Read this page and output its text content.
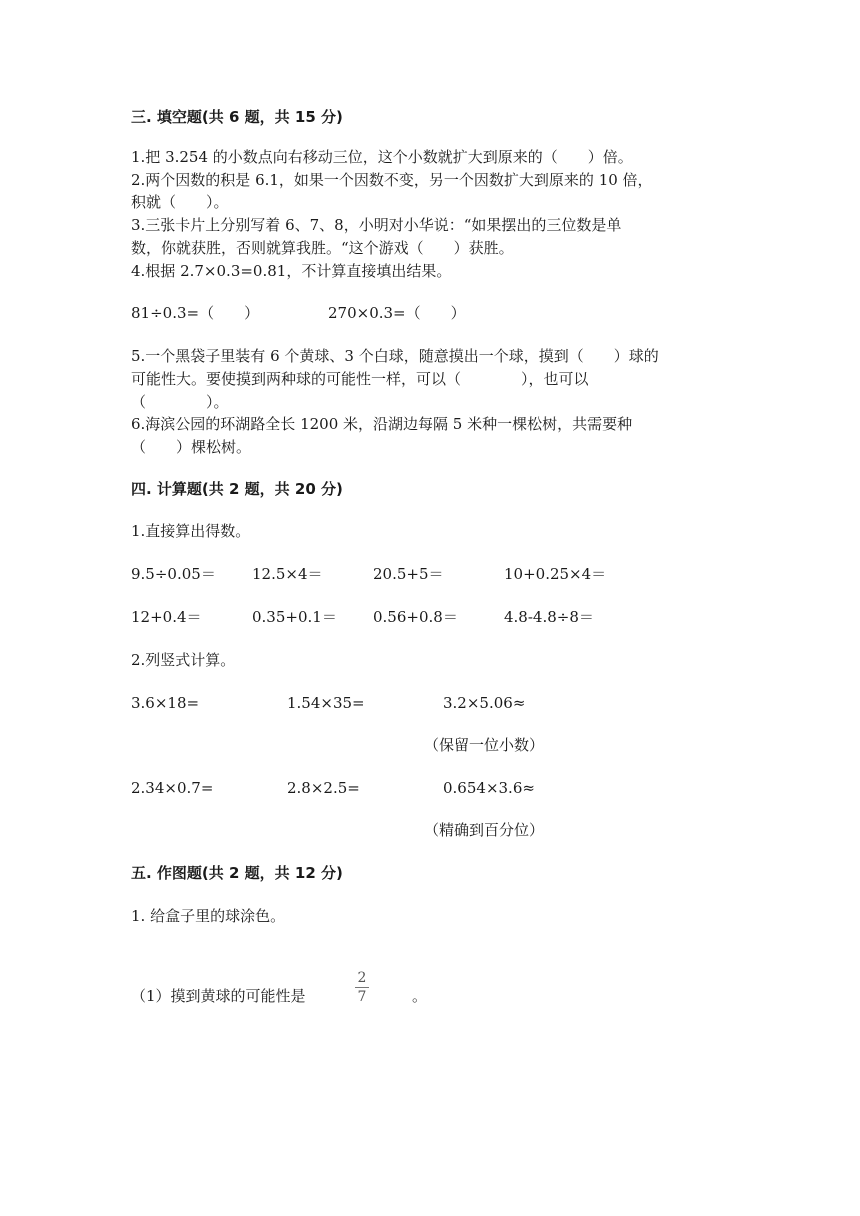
三. 填空题(共 6 题，共 15 分)
1.把 3.254 的小数点向右移动三位，这个小数就扩大到原来的（　　）倍。
2.两个因数的积是 6.1，如果一个因数不变，另一个因数扩大到原来的 10 倍，
积就（　　）。
3.三张卡片上分别写着 6、7、8，小明对小华说：“如果摆出的三位数是单
数，你就获胜，否则就算我胜。“这个游戏（　　）获胜。
4.根据 2.7×0.3=0.81，不计算直接填出结果。
81÷0.3=（　　）	270×0.3=（　　）
5.一个黑袋子里装有 6 个黄球、3 个白球，随意摸出一个球，摸到（　　）球的
可能性大。要使摸到两种球的可能性一样，可以（　　　　），也可以
（　　　　）。
6.海滨公园的环湖路全长 1200 米，沿湖边每隔 5 米种一棵松树，共需要种
（　　）棵松树。
四. 计算题(共 2 题，共 20 分)
1.直接算出得数。
9.5÷0.05＝ 12.5×4＝	20.5+5＝	10+0.25×4＝
12+0.4＝	0.35+0.1＝ 0.56+0.8＝	4.8-4.8÷8＝
2.列竖式计算。
3.6×18=	1.54×35=	3.2×5.06≈
（保留一位小数）
2.34×0.7=	2.8×2.5=	0.654×3.6≈
（精确到百分位）
五. 作图题(共 2 题，共 12 分)
1. 给盒子里的球涂色。
（1）摸到黄球的可能性是
2
7	。
